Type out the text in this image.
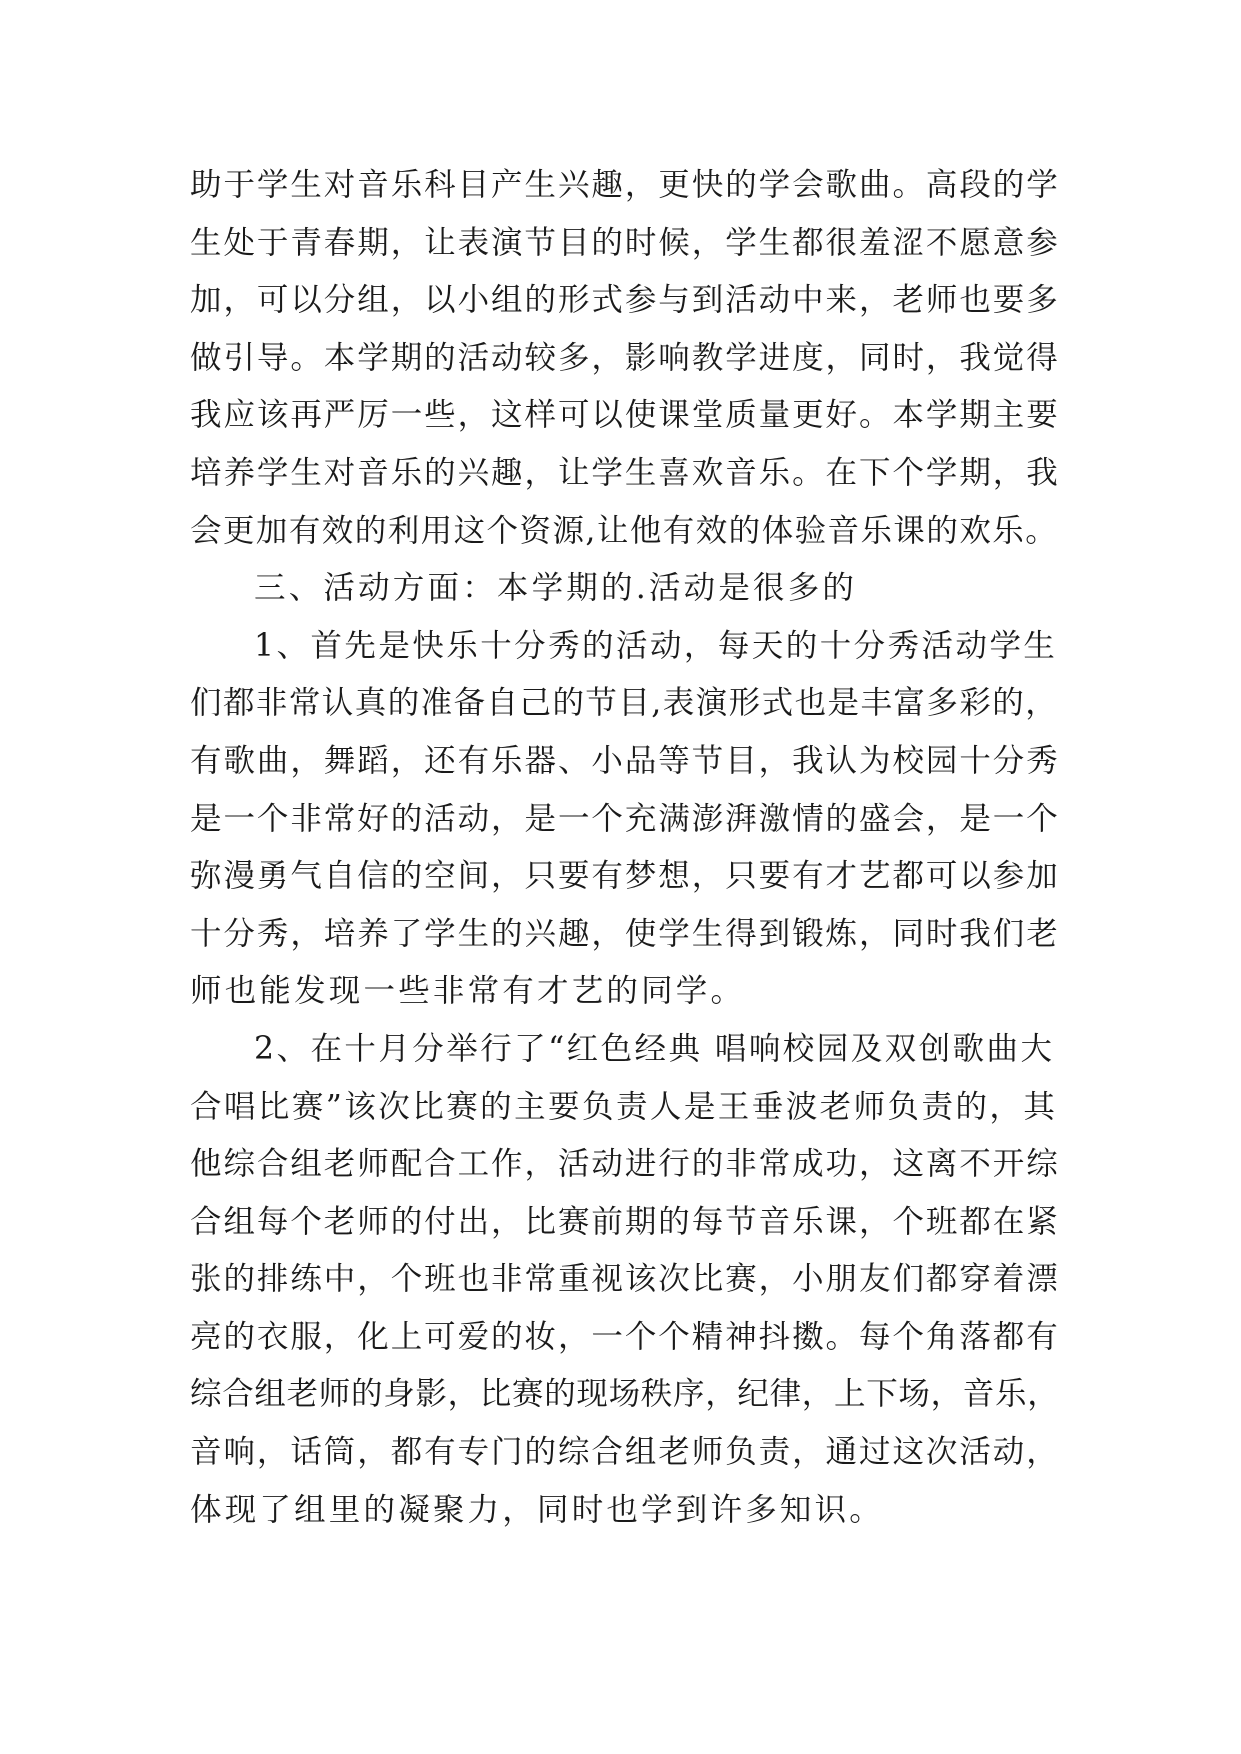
助于学生对音乐科目产生兴趣，更快的学会歌曲。高段的学
生处于青春期，让表演节目的时候，学生都很羞涩不愿意参
加，可以分组，以小组的形式参与到活动中来，老师也要多
做引导。本学期的活动较多，影响教学进度，同时，我觉得
我应该再严厉一些，这样可以使课堂质量更好。本学期主要
培养学生对音乐的兴趣，让学生喜欢音乐。在下个学期，我
会更加有效的利用这个资源,让他有效的体验音乐课的欢乐。
三、活动方面：本学期的.活动是很多的
1、首先是快乐十分秀的活动，每天的十分秀活动学生
们都非常认真的准备自己的节目,表演形式也是丰富多彩的，
有歌曲，舞蹈，还有乐器、小品等节目，我认为校园十分秀
是一个非常好的活动，是一个充满澎湃激情的盛会，是一个
弥漫勇气自信的空间，只要有梦想，只要有才艺都可以参加
十分秀，培养了学生的兴趣，使学生得到锻炼，同时我们老
师也能发现一些非常有才艺的同学。
2、在十月分举行了“红色经典 唱响校园及双创歌曲大
合唱比赛”该次比赛的主要负责人是王垂波老师负责的，其
他综合组老师配合工作，活动进行的非常成功，这离不开综
合组每个老师的付出，比赛前期的每节音乐课，个班都在紧
张的排练中，个班也非常重视该次比赛，小朋友们都穿着漂
亮的衣服，化上可爱的妆，一个个精神抖擞。每个角落都有
综合组老师的身影，比赛的现场秩序，纪律，上下场，音乐，
音响，话筒，都有专门的综合组老师负责，通过这次活动，
体现了组里的凝聚力，同时也学到许多知识。
